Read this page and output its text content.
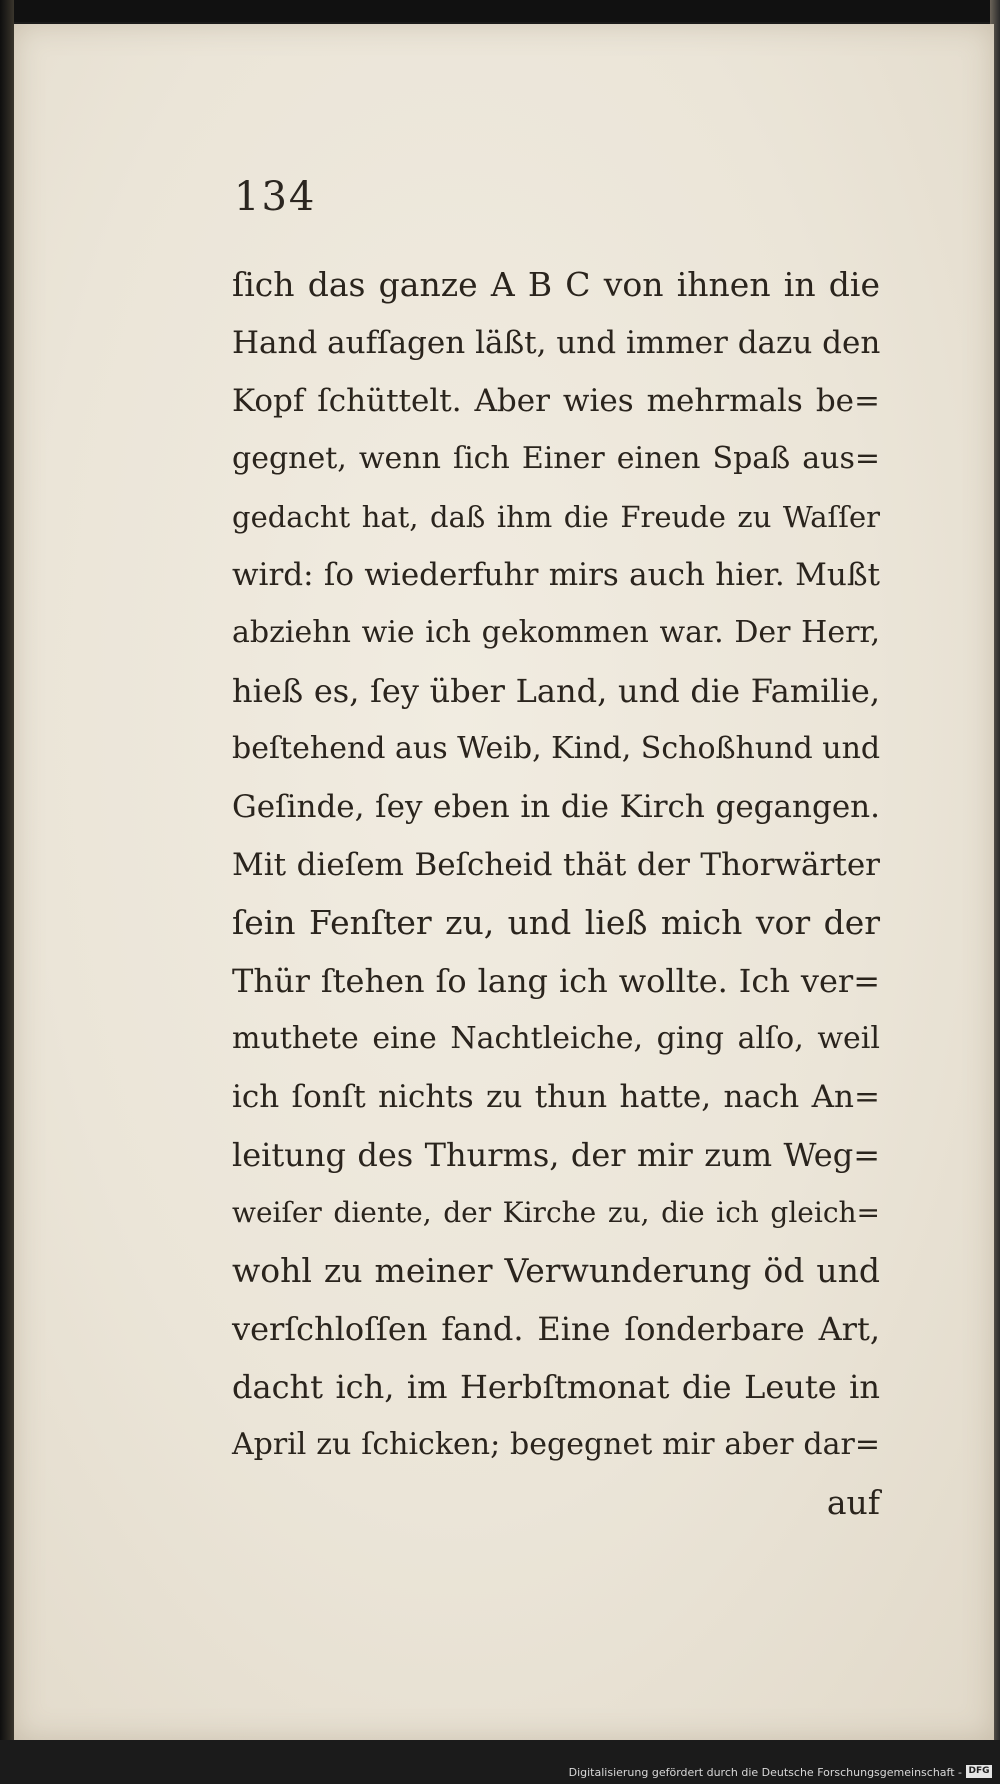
134
ſich das ganze A B C von ihnen in die
Hand aufſagen läßt, und immer dazu den
Kopf ſchüttelt. Aber wies mehrmals be=
gegnet, wenn ſich Einer einen Spaß aus=
gedacht hat, daß ihm die Freude zu Waſſer
wird: ſo wiederfuhr mirs auch hier. Mußt
abziehn wie ich gekommen war. Der Herr,
hieß es, ſey über Land, und die Familie,
beſtehend aus Weib, Kind, Schoßhund und
Geſinde, ſey eben in die Kirch gegangen.
Mit dieſem Beſcheid thät der Thorwärter
ſein Fenſter zu, und ließ mich vor der
Thür ſtehen ſo lang ich wollte. Ich ver=
muthete eine Nachtleiche, ging alſo, weil
ich ſonſt nichts zu thun hatte, nach An=
leitung des Thurms, der mir zum Weg=
weiſer diente, der Kirche zu, die ich gleich=
wohl zu meiner Verwunderung öd und
verſchloſſen fand. Eine ſonderbare Art,
dacht ich, im Herbſtmonat die Leute in
April zu ſchicken; begegnet mir aber dar=
auf
Digitalisierung gefördert durch die Deutsche Forschungsgemeinschaft - DFG
